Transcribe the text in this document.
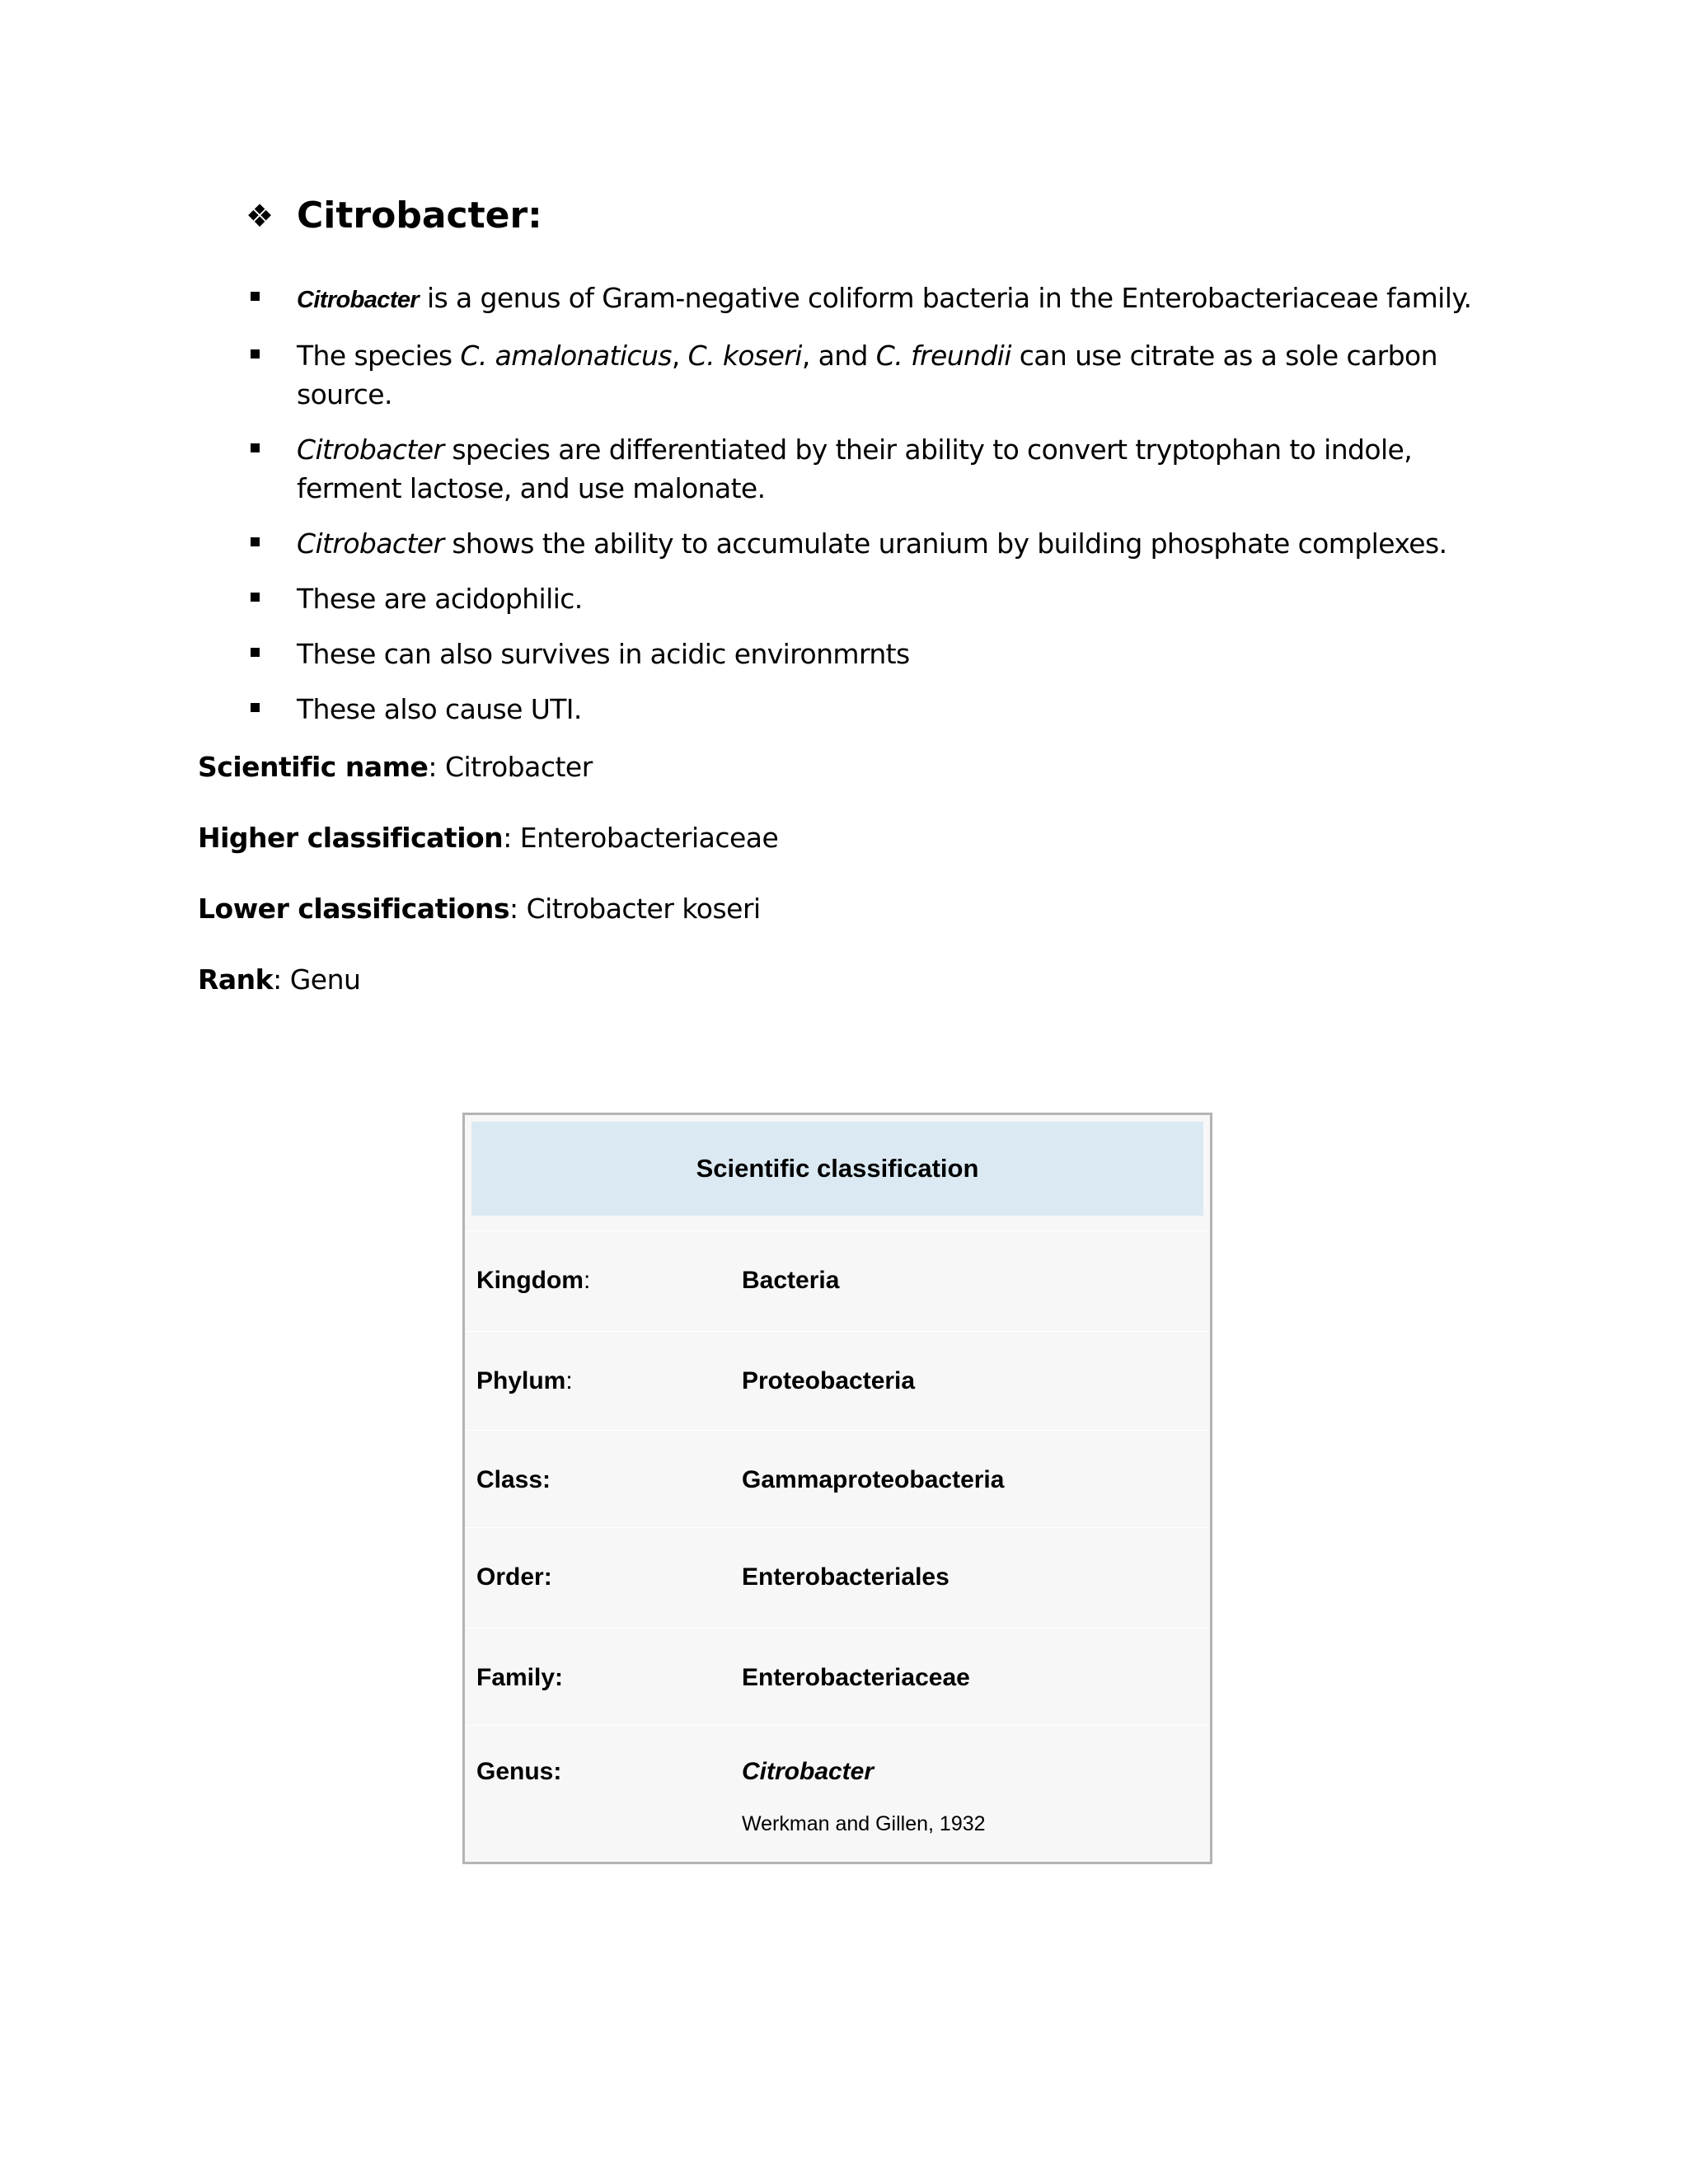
❖ Citrobacter:
Citrobacter is a genus of Gram-negative coliform bacteria in the Enterobacteriaceae family.
The species C. amalonaticus, C. koseri, and C. freundii can use citrate as a sole carbon source.
Citrobacter species are differentiated by their ability to convert tryptophan to indole, ferment lactose, and use malonate.
Citrobacter shows the ability to accumulate uranium by building phosphate complexes.
These are acidophilic.
These can also survives in acidic environmrnts
These also cause UTI.

Scientific name: Citrobacter

Higher classification: Enterobacteriaceae

Lower classifications: Citrobacter koseri

Rank: Genu

Scientific classification
Kingdom:	Bacteria
Phylum:	Proteobacteria
Class:	Gammaproteobacteria
Order:	Enterobacteriales
Family:	Enterobacteriaceae
Genus:	Citrobacter
Werkman and Gillen, 1932
